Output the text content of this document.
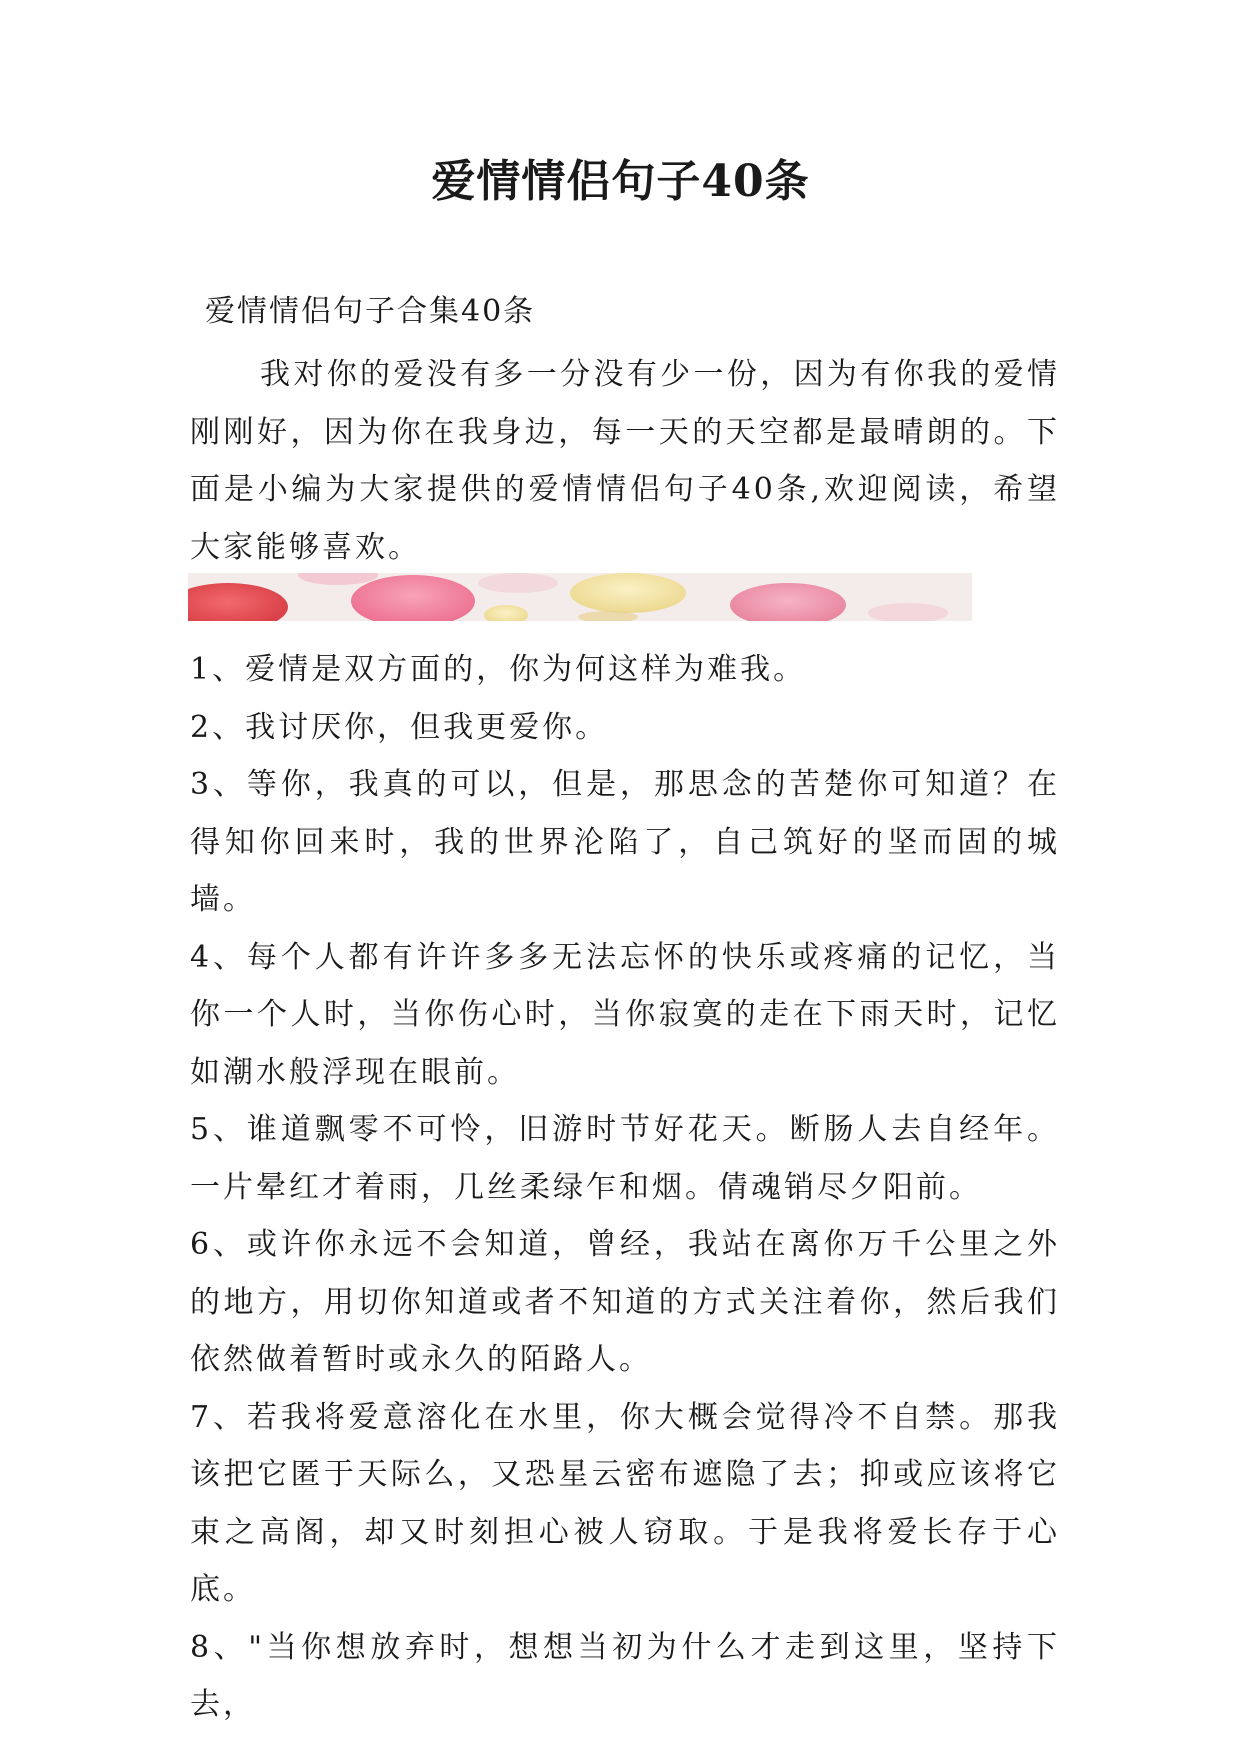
爱情情侣句子40条

爱情情侣句子合集40条

我对你的爱没有多一分没有少一份，因为有你我的爱情刚刚好，因为你在我身边，每一天的天空都是最晴朗的。下面是小编为大家提供的爱情情侣句子40条,欢迎阅读，希望大家能够喜欢。

1、爱情是双方面的，你为何这样为难我。

2、我讨厌你，但我更爱你。

3、等你，我真的可以，但是，那思念的苦楚你可知道？在得知你回来时，我的世界沦陷了，自己筑好的坚而固的城墙。

4、每个人都有许许多多无法忘怀的快乐或疼痛的记忆，当你一个人时，当你伤心时，当你寂寞的走在下雨天时，记忆如潮水般浮现在眼前。

5、谁道飘零不可怜，旧游时节好花天。断肠人去自经年。一片晕红才着雨，几丝柔绿乍和烟。倩魂销尽夕阳前。

6、或许你永远不会知道，曾经，我站在离你万千公里之外的地方，用切你知道或者不知道的方式关注着你，然后我们依然做着暂时或永久的陌路人。

7、若我将爱意溶化在水里，你大概会觉得冷不自禁。那我该把它匿于天际么，又恐星云密布遮隐了去；抑或应该将它束之高阁，却又时刻担心被人窃取。于是我将爱长存于心底。

8、"当你想放弃时，想想当初为什么才走到这里，坚持下去，
